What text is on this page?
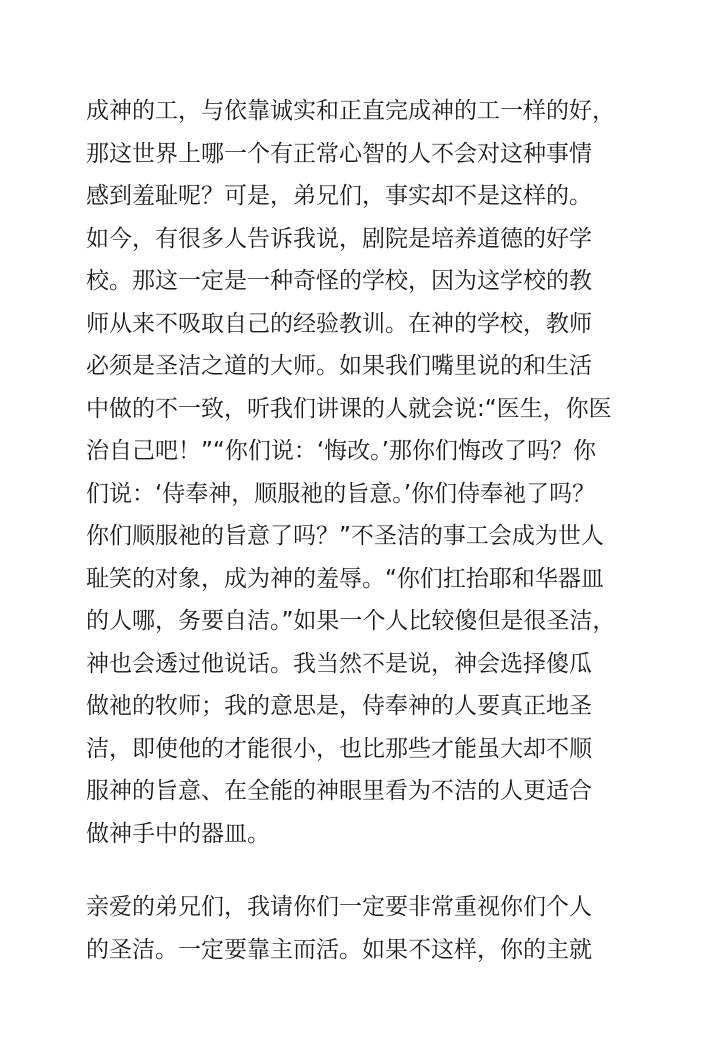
成神的工，与依靠诚实和正直完成神的工一样的好，
那这世界上哪一个有正常心智的人不会对这种事情
感到羞耻呢？可是，弟兄们，事实却不是这样的。
如今，有很多人告诉我说，剧院是培养道德的好学
校。那这一定是一种奇怪的学校，因为这学校的教
师从来不吸取自己的经验教训。在神的学校，教师
必须是圣洁之道的大师。如果我们嘴里说的和生活
中做的不一致，听我们讲课的人就会说:“医生，你医
治自己吧！”“你们说：‘悔改。’那你们悔改了吗？你
们说：‘侍奉神，顺服祂的旨意。’你们侍奉祂了吗？
你们顺服祂的旨意了吗？”不圣洁的事工会成为世人
耻笑的对象，成为神的羞辱。“你们扛抬耶和华器皿
的人哪，务要自洁。”如果一个人比较傻但是很圣洁，
神也会透过他说话。我当然不是说，神会选择傻瓜
做祂的牧师；我的意思是，侍奉神的人要真正地圣
洁，即使他的才能很小，也比那些才能虽大却不顺
服神的旨意、在全能的神眼里看为不洁的人更适合
做神手中的器皿。
亲爱的弟兄们，我请你们一定要非常重视你们个人
的圣洁。一定要靠主而活。如果不这样，你的主就
